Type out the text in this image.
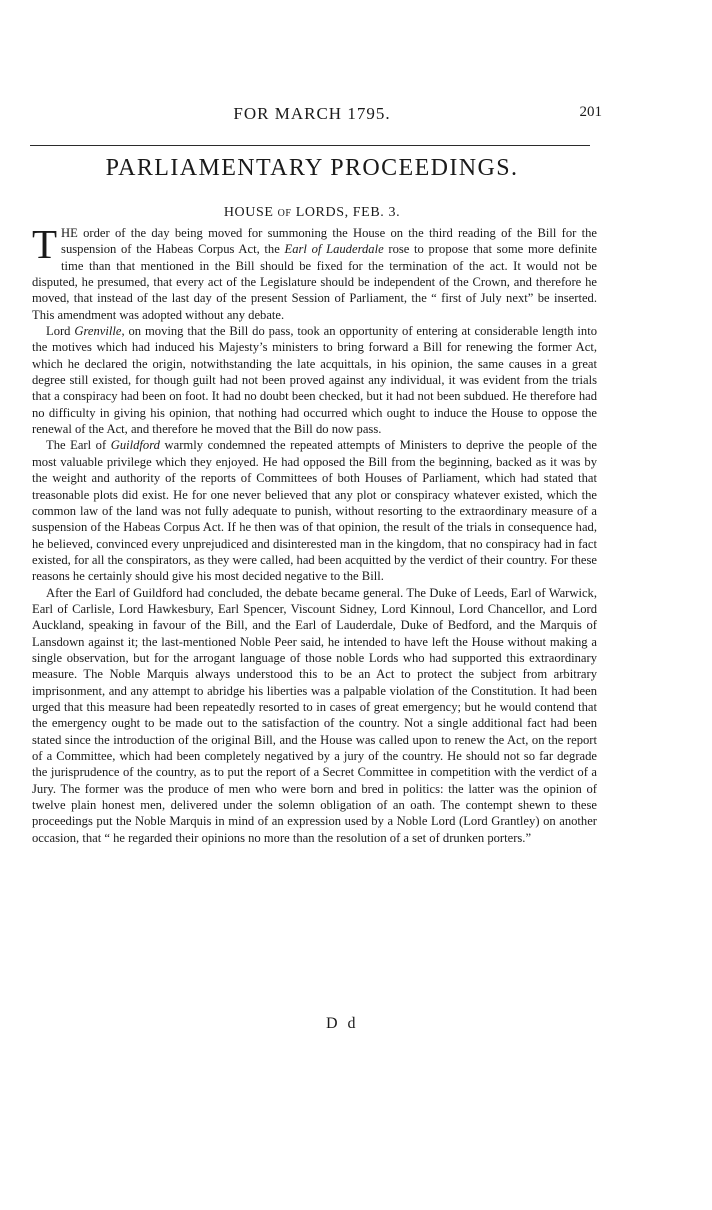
FOR MARCH 1795.	201
PARLIAMENTARY PROCEEDINGS.
HOUSE OF LORDS, FEB. 3.

THE order of the day being moved for summoning the House on the third reading of the Bill for the suspension of the Habeas Corpus Act, the Earl of Lauderdale rose to propose that some more definite time than that mentioned in the Bill should be fixed for the termination of the act. It would not be disputed, he presumed, that every act of the Legislature should be independent of the Crown, and therefore he moved, that instead of the last day of the present Session of Parliament, the “ first of July next” be inserted. This amendment was adopted without any debate.

Lord Grenville, on moving that the Bill do pass, took an opportunity of entering at considerable length into the motives which had induced his Majesty’s ministers to bring forward a Bill for renewing the former Act, which he declared the origin, notwithstanding the late acquittals, in his opinion, the same causes in a great degree still existed, for though guilt had not been proved against any individual, it was evident from the trials that a conspiracy had been on foot. It had no doubt been checked, but it had not been subdued. He therefore had no difficulty in giving his opinion, that nothing had occurred which ought to induce the House to oppose the renewal of the Act, and therefore he moved that the Bill do now pass.

The Earl of Guildford warmly condemned the repeated attempts of Ministers to deprive the people of the most valuable privilege which they enjoyed. He had opposed the Bill from the beginning, backed as it was by the weight and authority of the reports of Committees of both Houses of Parliament, which had stated that treasonable plots did exist. He for one never believed that any plot or conspiracy whatever existed, which the common law of the land was not fully adequate to punish, without resorting to the extraordinary measure of a suspension of the Habeas Corpus Act. If he then was of that opinion, the result of the trials in consequence had, he believed, convinced every unprejudiced and disinterested man in the kingdom, that no conspiracy had in fact existed, for all the conspirators, as they were called, had been acquitted by the verdict of their country. For these reasons he certainly should give his most decided negative to the Bill.

After the Earl of Guildford had concluded, the debate became general. The Duke of Leeds, Earl of Warwick, Earl of Carlisle, Lord Hawkesbury, Earl Spencer, Viscount Sidney, Lord Kinnoul, Lord Chancellor, and Lord Auckland, speaking in favour of the Bill, and the Earl of Lauderdale, Duke of Bedford, and the Marquis of Lansdown against it; the last-mentioned Noble Peer said, he intended to have left the House without making a single observation, but for the arrogant language of those noble Lords who had supported this extraordinary measure. The Noble Marquis always understood this to be an Act to protect the subject from arbitrary imprisonment, and any attempt to abridge his liberties was a palpable violation of the Constitution. It had been urged that this measure had been repeatedly resorted to in cases of great emergency; but he would contend that the emergency ought to be made out to the satisfaction of the country. Not a single additional fact had been stated since the introduction of the original Bill, and the House was called upon to renew the Act, on the report of a Committee, which had been completely negatived by a jury of the country. He should not so far degrade the jurisprudence of the country, as to put the report of a Secret Committee in competition with the verdict of a Jury. The former was the produce of men who were born and bred in politics: the latter was the opinion of twelve plain honest men, delivered under the solemn obligation of an oath. The contempt shewn to these proceedings put the Noble Marquis in mind of an expression used by a Noble Lord (Lord Grantley) on another occasion, that “ he regarded their opinions no more than the resolution of a set of drunken porters.”

D d
